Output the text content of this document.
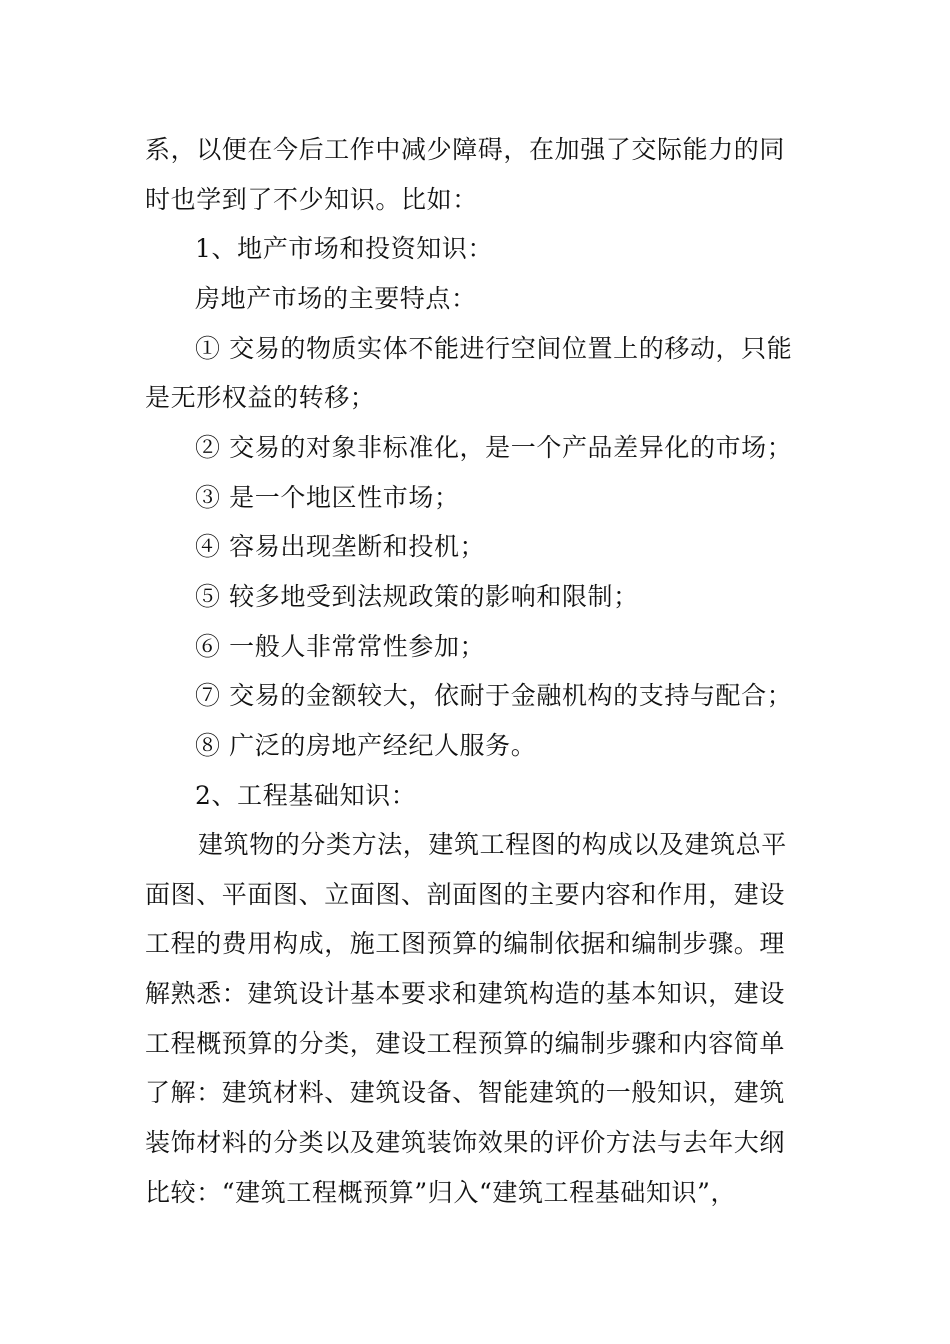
系，以便在今后工作中减少障碍，在加强了交际能力的同
时也学到了不少知识。比如：
1、地产市场和投资知识：
房地产市场的主要特点：
① 交易的物质实体不能进行空间位置上的移动，只能
是无形权益的转移；
② 交易的对象非标准化，是一个产品差异化的市场；
③ 是一个地区性市场；
④ 容易出现垄断和投机；
⑤ 较多地受到法规政策的影响和限制；
⑥ 一般人非常常性参加；
⑦ 交易的金额较大，依耐于金融机构的支持与配合；
⑧ 广泛的房地产经纪人服务。
2、工程基础知识：
建筑物的分类方法，建筑工程图的构成以及建筑总平
面图、平面图、立面图、剖面图的主要内容和作用，建设
工程的费用构成，施工图预算的编制依据和编制步骤。理
解熟悉：建筑设计基本要求和建筑构造的基本知识，建设
工程概预算的分类，建设工程预算的编制步骤和内容简单
了解：建筑材料、建筑设备、智能建筑的一般知识，建筑
装饰材料的分类以及建筑装饰效果的评价方法与去年大纲
比较：“建筑工程概预算”归入“建筑工程基础知识”，
